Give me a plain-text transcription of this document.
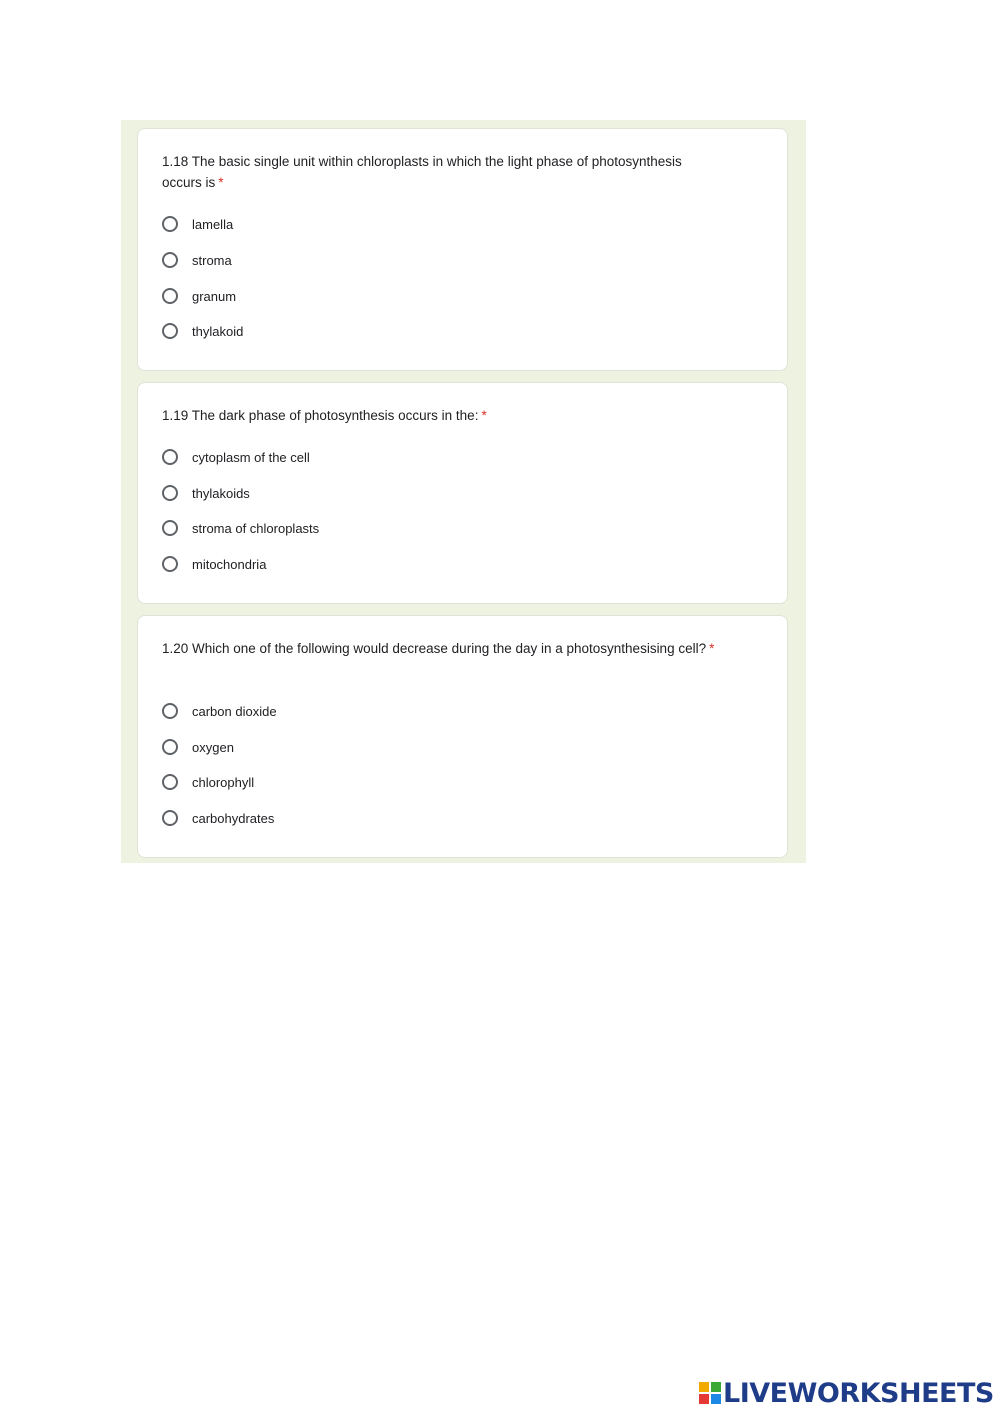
1.18 The basic single unit within chloroplasts in which the light phase of photosynthesis occurs is *
lamella
stroma
granum
thylakoid
1.19 The dark phase of photosynthesis occurs in the: *
cytoplasm of the cell
thylakoids
stroma of chloroplasts
mitochondria
1.20 Which one of the following would decrease during the day in a photosynthesising cell? *
carbon dioxide
oxygen
chlorophyll
carbohydrates
LIVEWORKSHEETS
